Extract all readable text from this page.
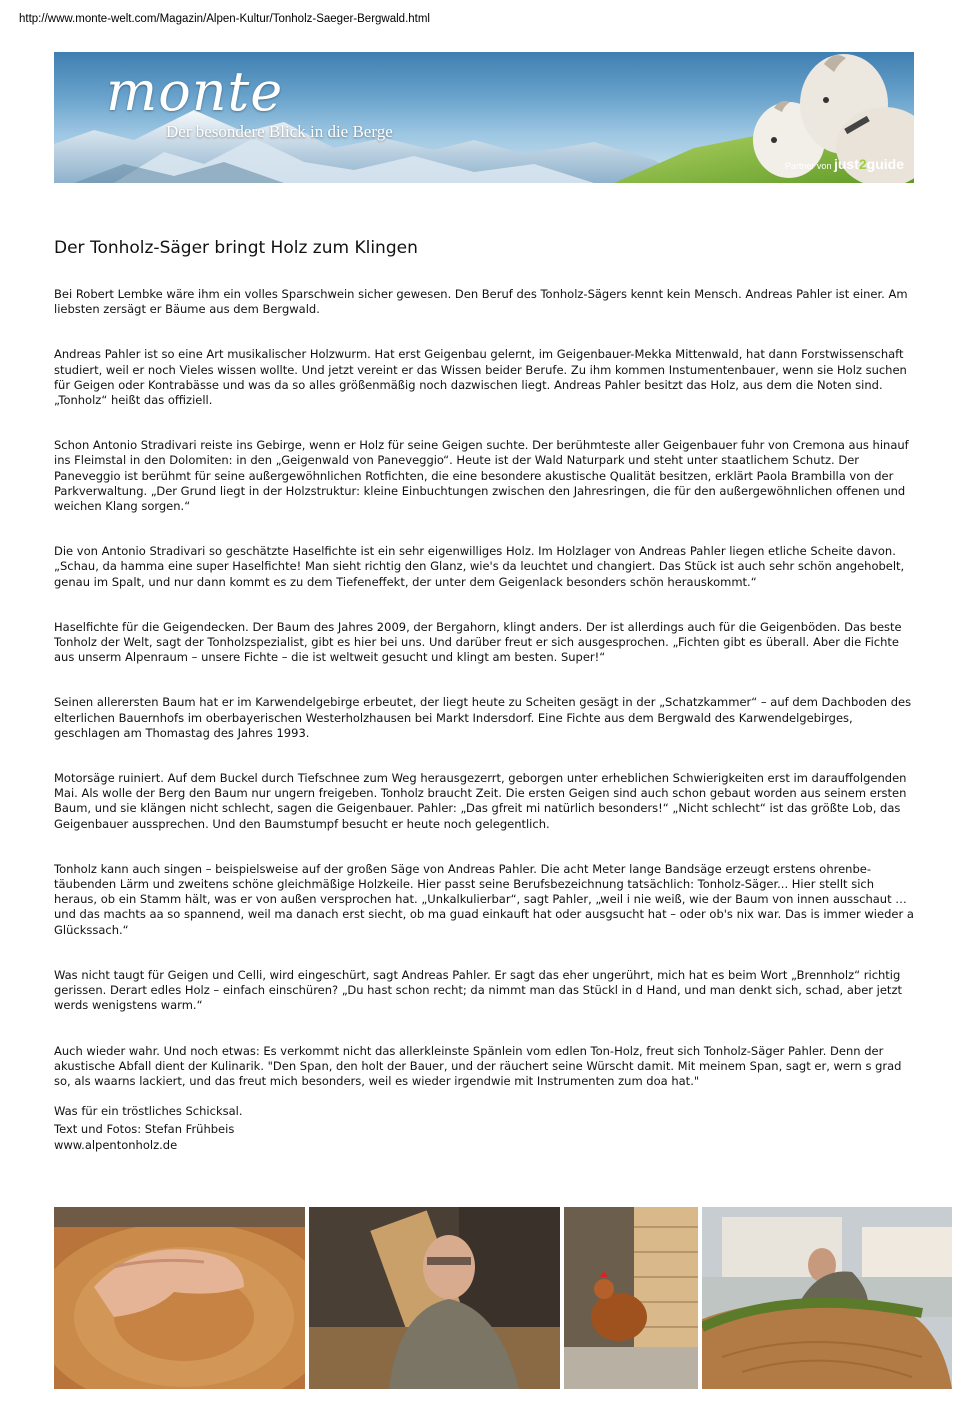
http://www.monte-welt.com/Magazin/Alpen-Kultur/Tonholz-Saeger-Bergwald.html
monte
Der besondere Blick in die Berge
Partner von just2guide
Der Tonholz-Säger bringt Holz zum Klingen

Bei Robert Lembke wäre ihm ein volles Sparschwein sicher gewesen. Den Beruf des Tonholz-Sägers kennt kein Mensch. Andreas Pahler ist einer. Am liebsten zersägt er Bäume aus dem Bergwald.

Andreas Pahler ist so eine Art musikalischer Holzwurm. Hat erst Geigenbau gelernt, im Geigenbauer-Mekka Mittenwald, hat dann Forstwissenschaft studiert, weil er noch Vieles wissen wollte. Und jetzt vereint er das Wissen beider Berufe. Zu ihm kommen Instumentenbauer, wenn sie Holz suchen für Geigen oder Kontrabässe und was da so alles größenmäßig noch dazwischen liegt. Andreas Pahler besitzt das Holz, aus dem die Noten sind. „Tonholz“ heißt das offiziell.

Schon Antonio Stradivari reiste ins Gebirge, wenn er Holz für seine Geigen suchte. Der berühmteste aller Geigenbauer fuhr von Cremona aus hinauf ins Fleimstal in den Dolomiten: in den „Geigenwald von Paneveggio“. Heute ist der Wald Naturpark und steht unter staatlichem Schutz. Der Paneveggio ist berühmt für seine außergewöhnlichen Rotfichten, die eine besondere akustische Qualität besitzen, erklärt Paola Brambilla von der Parkverwaltung. „Der Grund liegt in der Holzstruktur: kleine Einbuchtungen zwischen den Jahresringen, die für den außergewöhnlichen offenen und weichen Klang sorgen.“

Die von Antonio Stradivari so geschätzte Haselfichte ist ein sehr eigenwilliges Holz. Im Holzlager von Andreas Pahler liegen etliche Scheite davon. „Schau, da hamma eine super Haselfichte! Man sieht richtig den Glanz, wie's da leuchtet und changiert. Das Stück ist auch sehr schön angehobelt, genau im Spalt, und nur dann kommt es zu dem Tiefeneffekt, der unter dem Geigenlack besonders schön herauskommt.“

Haselfichte für die Geigendecken. Der Baum des Jahres 2009, der Bergahorn, klingt anders. Der ist allerdings auch für die Geigenböden. Das beste Tonholz der Welt, sagt der Tonholzspezialist, gibt es hier bei uns. Und darüber freut er sich ausgesprochen. „Fichten gibt es überall. Aber die Fichte aus unserm Alpenraum – unsere Fichte – die ist weltweit gesucht und klingt am besten. Super!“

Seinen allerersten Baum hat er im Karwendelgebirge erbeutet, der liegt heute zu Scheiten gesägt in der „Schatzkammer“ – auf dem Dachboden des elterlichen Bauernhofs im oberbayerischen Westerholzhausen bei Markt Indersdorf. Eine Fichte aus dem Bergwald des Karwendelgebirges, geschlagen am Thomastag des Jahres 1993.

Motorsäge ruiniert. Auf dem Buckel durch Tiefschnee zum Weg herausgezerrt, geborgen unter erheblichen Schwierigkeiten erst im darauffolgenden Mai. Als wolle der Berg den Baum nur ungern freigeben. Tonholz braucht Zeit. Die ersten Geigen sind auch schon gebaut worden aus seinem ersten Baum, und sie klängen nicht schlecht, sagen die Geigenbauer. Pahler: „Das gfreit mi natürlich besonders!“ „Nicht schlecht“ ist das größte Lob, das Geigenbauer aussprechen. Und den Baumstumpf besucht er heute noch gelegentlich.

Tonholz kann auch singen – beispielsweise auf der großen Säge von Andreas Pahler. Die acht Meter lange Bandsäge erzeugt erstens ohrenbe-täubenden Lärm und zweitens schöne gleichmäßige Holzkeile. Hier passt seine Berufsbezeichnung tatsächlich: Tonholz-Säger... Hier stellt sich heraus, ob ein Stamm hält, was er von außen versprochen hat. „Unkalkulierbar“, sagt Pahler, „weil i nie weiß, wie der Baum von innen ausschaut … und das machts aa so spannend, weil ma danach erst siecht, ob ma guad einkauft hat oder ausgsucht hat – oder ob's nix war. Das is immer wieder a Glückssach.“

Was nicht taugt für Geigen und Celli, wird eingeschürt, sagt Andreas Pahler. Er sagt das eher ungerührt, mich hat es beim Wort „Brennholz“ richtig gerissen. Derart edles Holz – einfach einschüren? „Du hast schon recht; da nimmt man das Stückl in d Hand, und man denkt sich, schad, aber jetzt werds wenigstens warm.“

Auch wieder wahr. Und noch etwas: Es verkommt nicht das allerkleinste Spänlein vom edlen Ton-Holz, freut sich Tonholz-Säger Pahler. Denn der akustische Abfall dient der Kulinarik. "Den Span, den holt der Bauer, und der räuchert seine Würscht damit. Mit meinem Span, sagt er, wern s grad so, als waarns lackiert, und das freut mich besonders, weil es wieder irgendwie mit Instrumenten zum doa hat."

Was für ein tröstliches Schicksal.

Text und Fotos: Stefan Frühbeis
www.alpentonholz.de
